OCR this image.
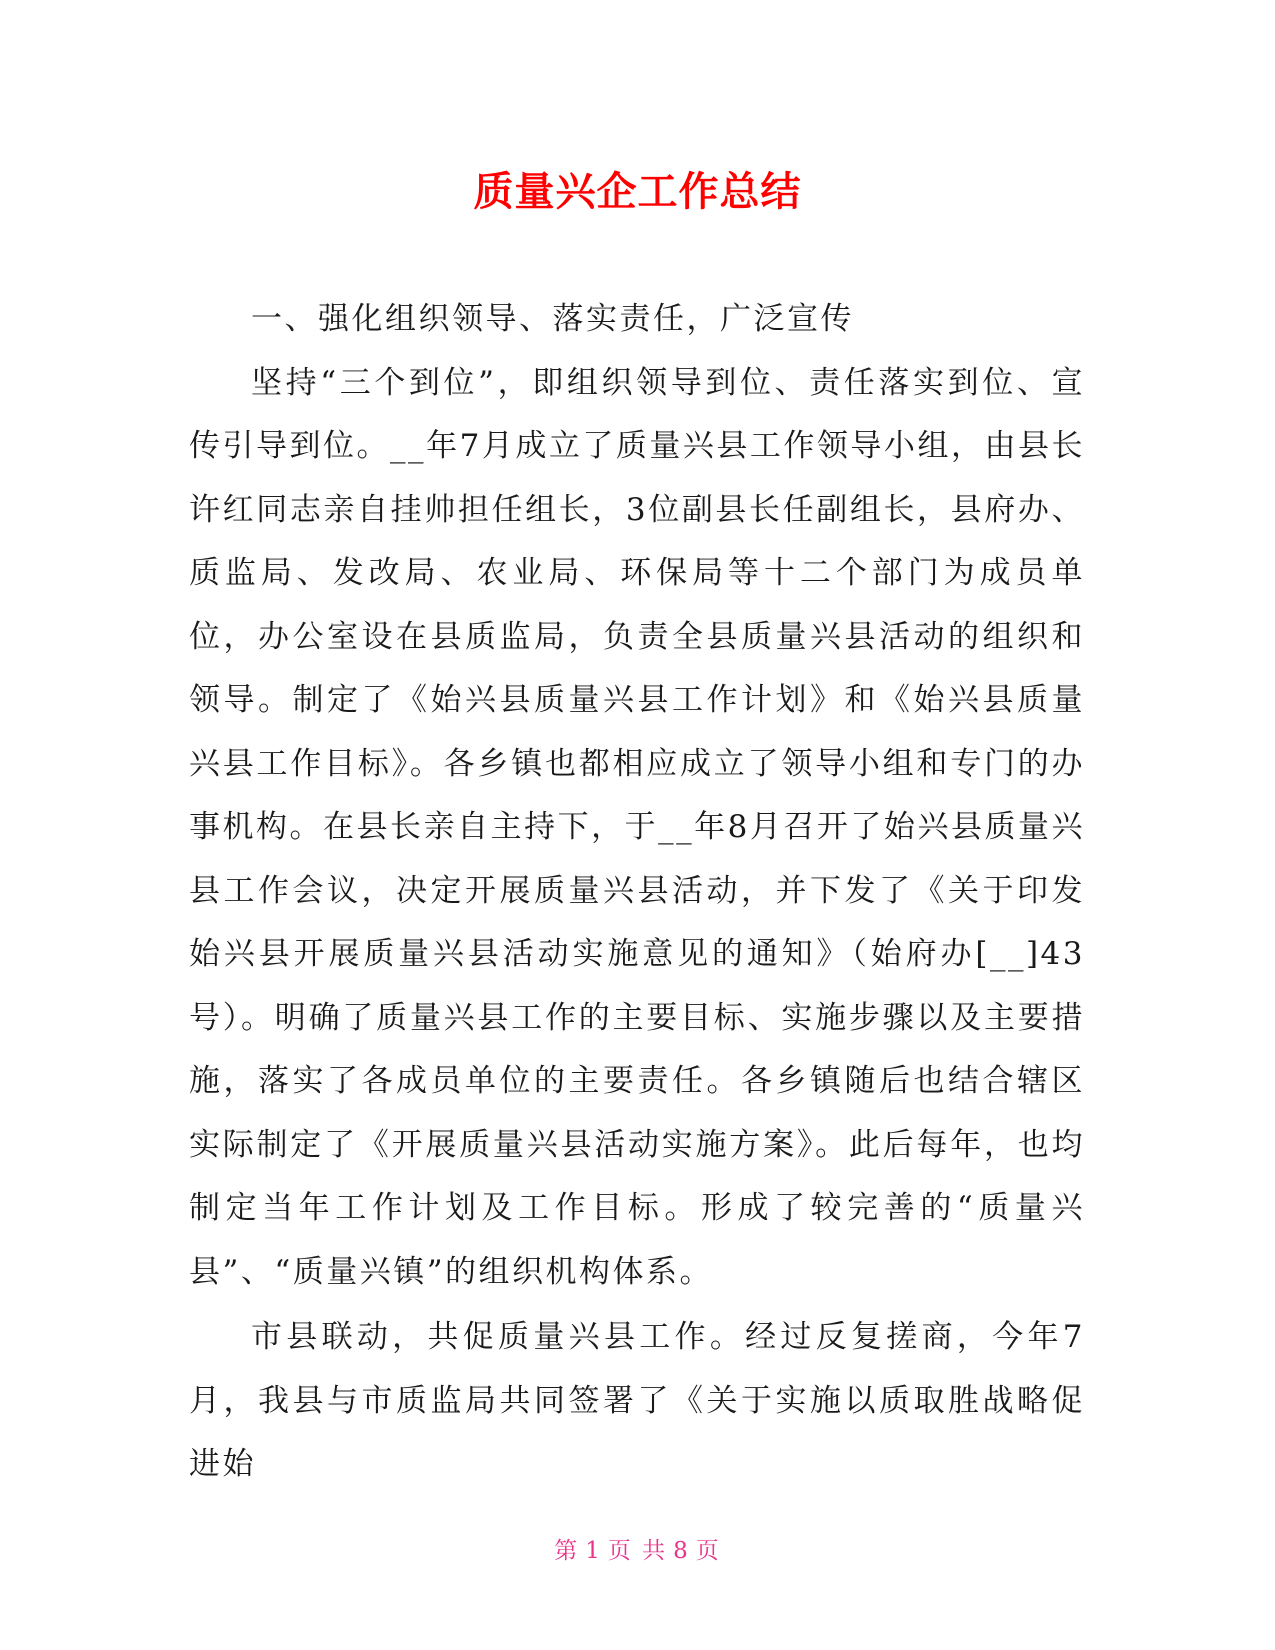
质量兴企工作总结

一、强化组织领导、落实责任，广泛宣传

坚持“三个到位”，即组织领导到位、责任落实到位、宣传引导到位。__年7月成立了质量兴县工作领导小组，由县长许红同志亲自挂帅担任组长，3位副县长任副组长，县府办、质监局、发改局、农业局、环保局等十二个部门为成员单位，办公室设在县质监局，负责全县质量兴县活动的组织和领导。制定了《始兴县质量兴县工作计划》和《始兴县质量兴县工作目标》。各乡镇也都相应成立了领导小组和专门的办事机构。在县长亲自主持下，于__年8月召开了始兴县质量兴县工作会议，决定开展质量兴县活动，并下发了《关于印发始兴县开展质量兴县活动实施意见的通知》（始府办[__]43号）。明确了质量兴县工作的主要目标、实施步骤以及主要措施，落实了各成员单位的主要责任。各乡镇随后也结合辖区实际制定了《开展质量兴县活动实施方案》。此后每年，也均制定当年工作计划及工作目标。形成了较完善的“质量兴县”、“质量兴镇”的组织机构体系。

市县联动，共促质量兴县工作。经过反复搓商，今年7月，我县与市质监局共同签署了《关于实施以质取胜战略促进始

第 1 页 共 8 页
